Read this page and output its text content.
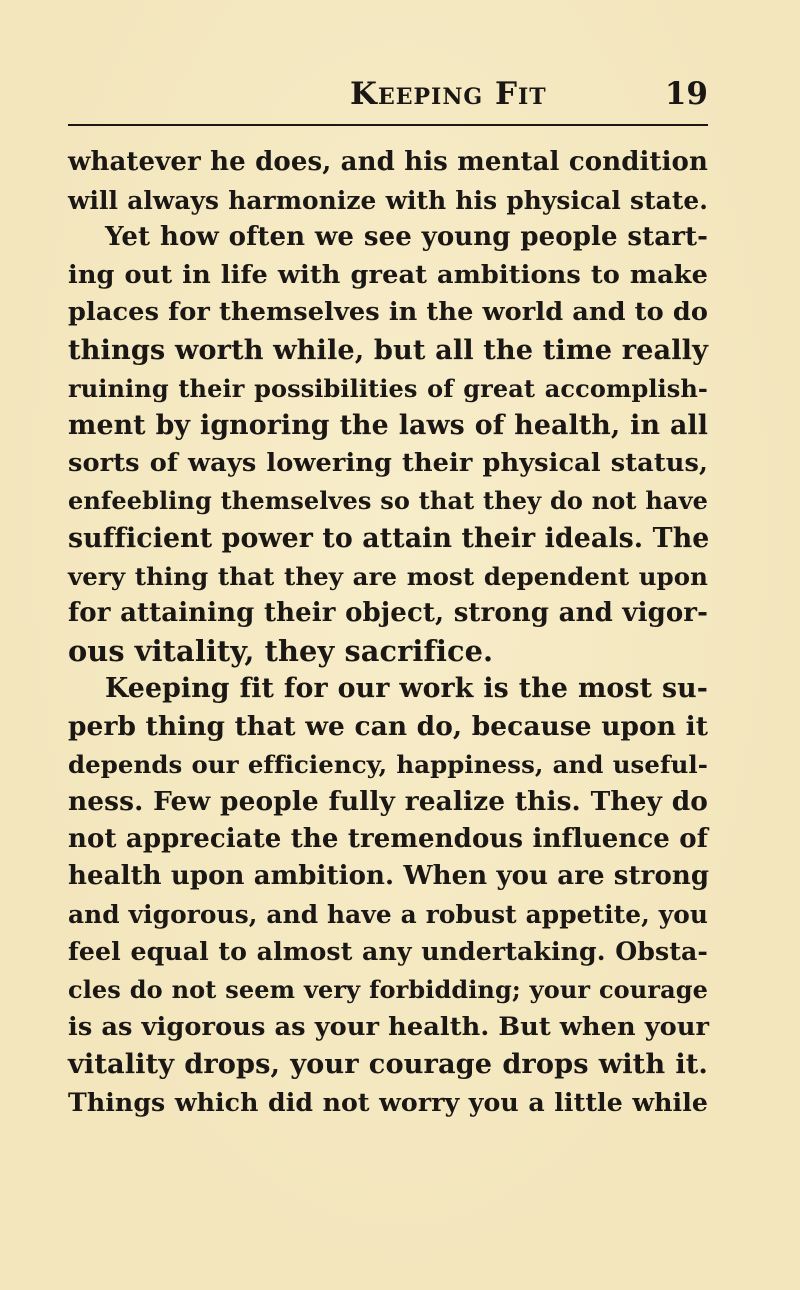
Keeping Fit	19
whatever he does, and his mental condition
will always harmonize with his physical state.
Yet how often we see young people start-
ing out in life with great ambitions to make
places for themselves in the world and to do
things worth while, but all the time really
ruining their possibilities of great accomplish-
ment by ignoring the laws of health, in all
sorts of ways lowering their physical status,
enfeebling themselves so that they do not have
sufficient power to attain their ideals. The
very thing that they are most dependent upon
for attaining their object, strong and vigor-
ous vitality, they sacrifice.
Keeping fit for our work is the most su-
perb thing that we can do, because upon it
depends our efficiency, happiness, and useful-
ness. Few people fully realize this. They do
not appreciate the tremendous influence of
health upon ambition. When you are strong
and vigorous, and have a robust appetite, you
feel equal to almost any undertaking. Obsta-
cles do not seem very forbidding; your courage
is as vigorous as your health. But when your
vitality drops, your courage drops with it.
Things which did not worry you a little while
